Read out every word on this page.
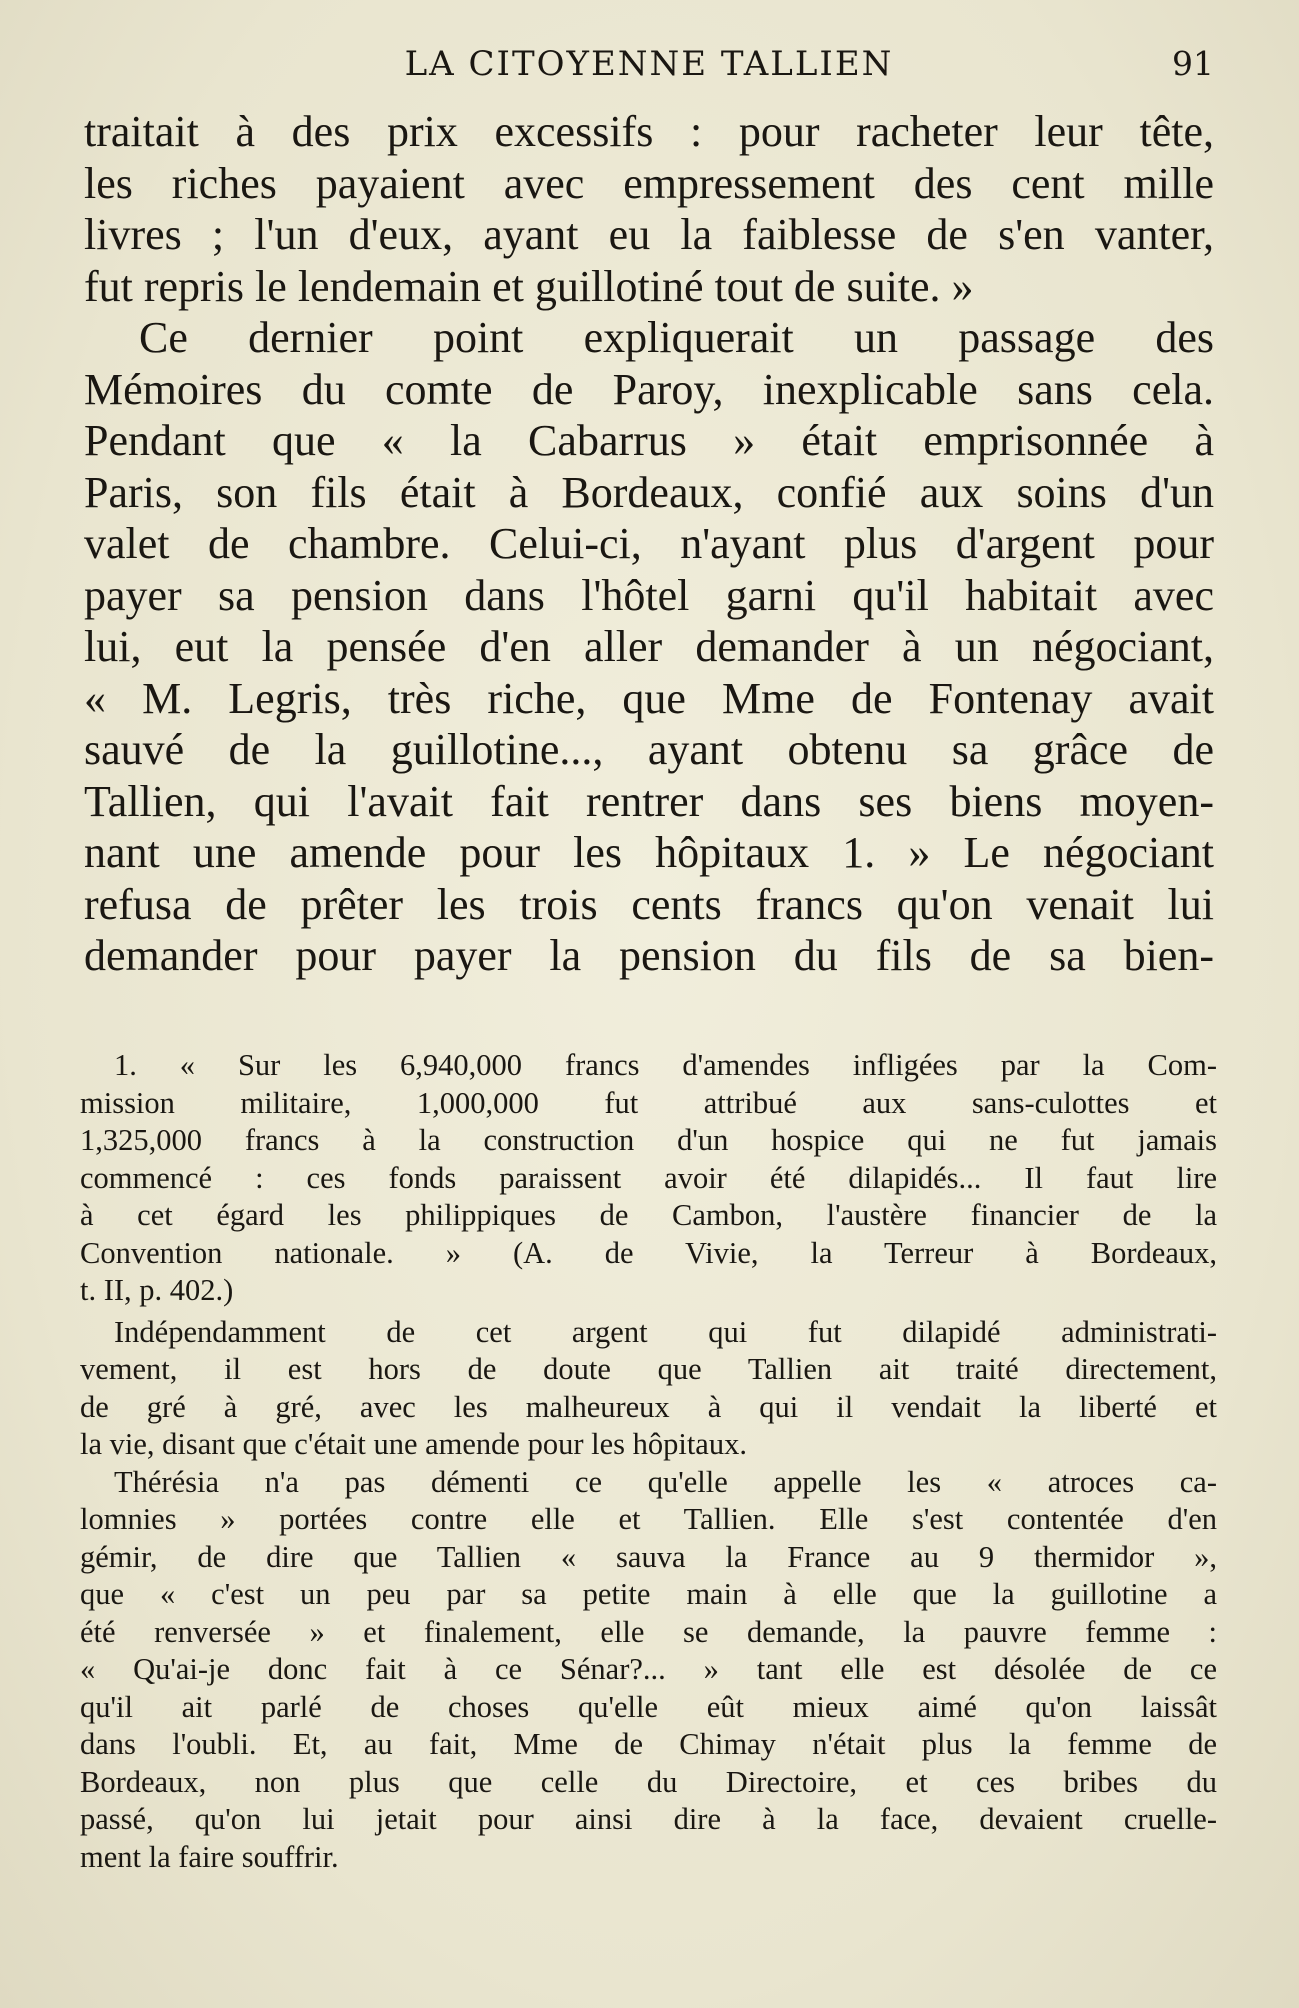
LA CITOYENNE TALLIEN	91
traitait à des prix excessifs : pour racheter leur tête,
les riches payaient avec empressement des cent mille
livres ; l'un d'eux, ayant eu la faiblesse de s'en vanter,
fut repris le lendemain et guillotiné tout de suite. »
Ce dernier point expliquerait un passage des
Mémoires du comte de Paroy, inexplicable sans cela.
Pendant que « la Cabarrus » était emprisonnée à
Paris, son fils était à Bordeaux, confié aux soins d'un
valet de chambre. Celui-ci, n'ayant plus d'argent pour
payer sa pension dans l'hôtel garni qu'il habitait avec
lui, eut la pensée d'en aller demander à un négociant,
« M. Legris, très riche, que Mme de Fontenay avait
sauvé de la guillotine..., ayant obtenu sa grâce de
Tallien, qui l'avait fait rentrer dans ses biens moyen-
nant une amende pour les hôpitaux 1. » Le négociant
refusa de prêter les trois cents francs qu'on venait lui
demander pour payer la pension du fils de sa bien-
1. « Sur les 6,940,000 francs d'amendes infligées par la Com-
mission militaire, 1,000,000 fut attribué aux sans-culottes et
1,325,000 francs à la construction d'un hospice qui ne fut jamais
commencé : ces fonds paraissent avoir été dilapidés... Il faut lire
à cet égard les philippiques de Cambon, l'austère financier de la
Convention nationale. » (A. de Vivie, la Terreur à Bordeaux,
t. II, p. 402.)
Indépendamment de cet argent qui fut dilapidé administrati-
vement, il est hors de doute que Tallien ait traité directement,
de gré à gré, avec les malheureux à qui il vendait la liberté et
la vie, disant que c'était une amende pour les hôpitaux.
Thérésia n'a pas démenti ce qu'elle appelle les « atroces ca-
lomnies » portées contre elle et Tallien. Elle s'est contentée d'en
gémir, de dire que Tallien « sauva la France au 9 thermidor »,
que « c'est un peu par sa petite main à elle que la guillotine a
été renversée » et finalement, elle se demande, la pauvre femme :
« Qu'ai-je donc fait à ce Sénar?... » tant elle est désolée de ce
qu'il ait parlé de choses qu'elle eût mieux aimé qu'on laissât
dans l'oubli. Et, au fait, Mme de Chimay n'était plus la femme de
Bordeaux, non plus que celle du Directoire, et ces bribes du
passé, qu'on lui jetait pour ainsi dire à la face, devaient cruelle-
ment la faire souffrir.
